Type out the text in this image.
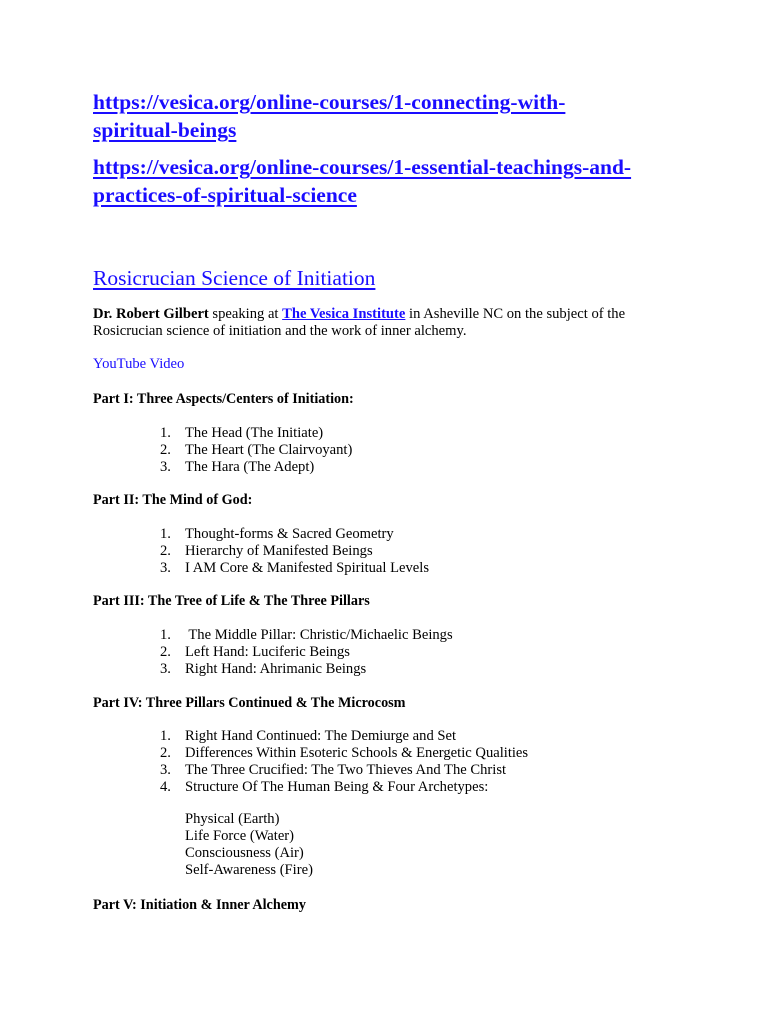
https://vesica.org/online-courses/1-connecting-with-
spiritual-beings
https://vesica.org/online-courses/1-essential-teachings-and-
practices-of-spiritual-science
Rosicrucian Science of Initiation

Dr. Robert Gilbert speaking at The Vesica Institute in Asheville NC on the subject of the
Rosicrucian science of initiation and the work of inner alchemy.

YouTube Video

Part I: Three Aspects/Centers of Initiation:

1. The Head (The Initiate)
2. The Heart (The Clairvoyant)
3. The Hara (The Adept)

Part II: The Mind of God:

1. Thought-forms & Sacred Geometry
2. Hierarchy of Manifested Beings
3. I AM Core & Manifested Spiritual Levels

Part III: The Tree of Life & The Three Pillars

1. The Middle Pillar: Christic/Michaelic Beings
2. Left Hand: Luciferic Beings
3. Right Hand: Ahrimanic Beings

Part IV: Three Pillars Continued & The Microcosm

1. Right Hand Continued: The Demiurge and Set
2. Differences Within Esoteric Schools & Energetic Qualities
3. The Three Crucified: The Two Thieves And The Christ
4. Structure Of The Human Being & Four Archetypes:
Physical (Earth)
Life Force (Water)
Consciousness (Air)
Self-Awareness (Fire)

Part V: Initiation & Inner Alchemy
